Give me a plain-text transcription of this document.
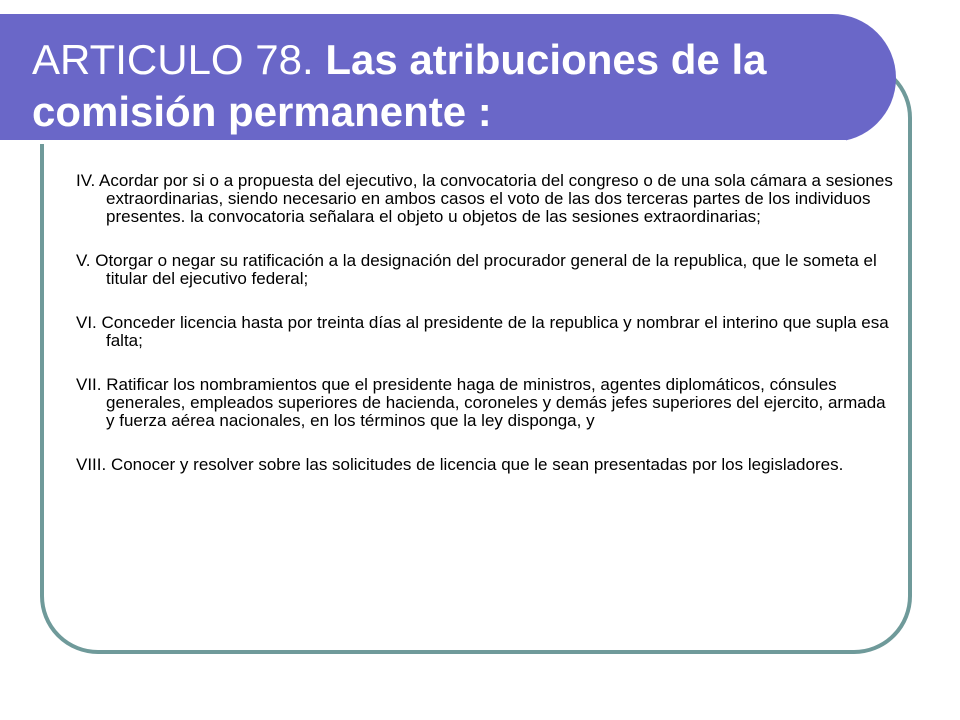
ARTICULO 78. Las atribuciones de la comisión permanente :

IV. Acordar por si o a propuesta del ejecutivo, la convocatoria del congreso o de una sola cámara a sesiones extraordinarias, siendo necesario en ambos casos el voto de las dos terceras partes de los individuos presentes. la convocatoria señalara el objeto u objetos de las sesiones extraordinarias;

V. Otorgar o negar su ratificación a la designación del procurador general de la republica, que le someta el titular del ejecutivo federal;

VI. Conceder licencia hasta por treinta días al presidente de la republica y nombrar el interino que supla esa falta;

VII. Ratificar los nombramientos que el presidente haga de ministros, agentes diplomáticos, cónsules generales, empleados superiores de hacienda, coroneles y demás jefes superiores del ejercito, armada y fuerza aérea nacionales, en los términos que la ley disponga, y

VIII. Conocer y resolver sobre las solicitudes de licencia que le sean presentadas por los legisladores.
